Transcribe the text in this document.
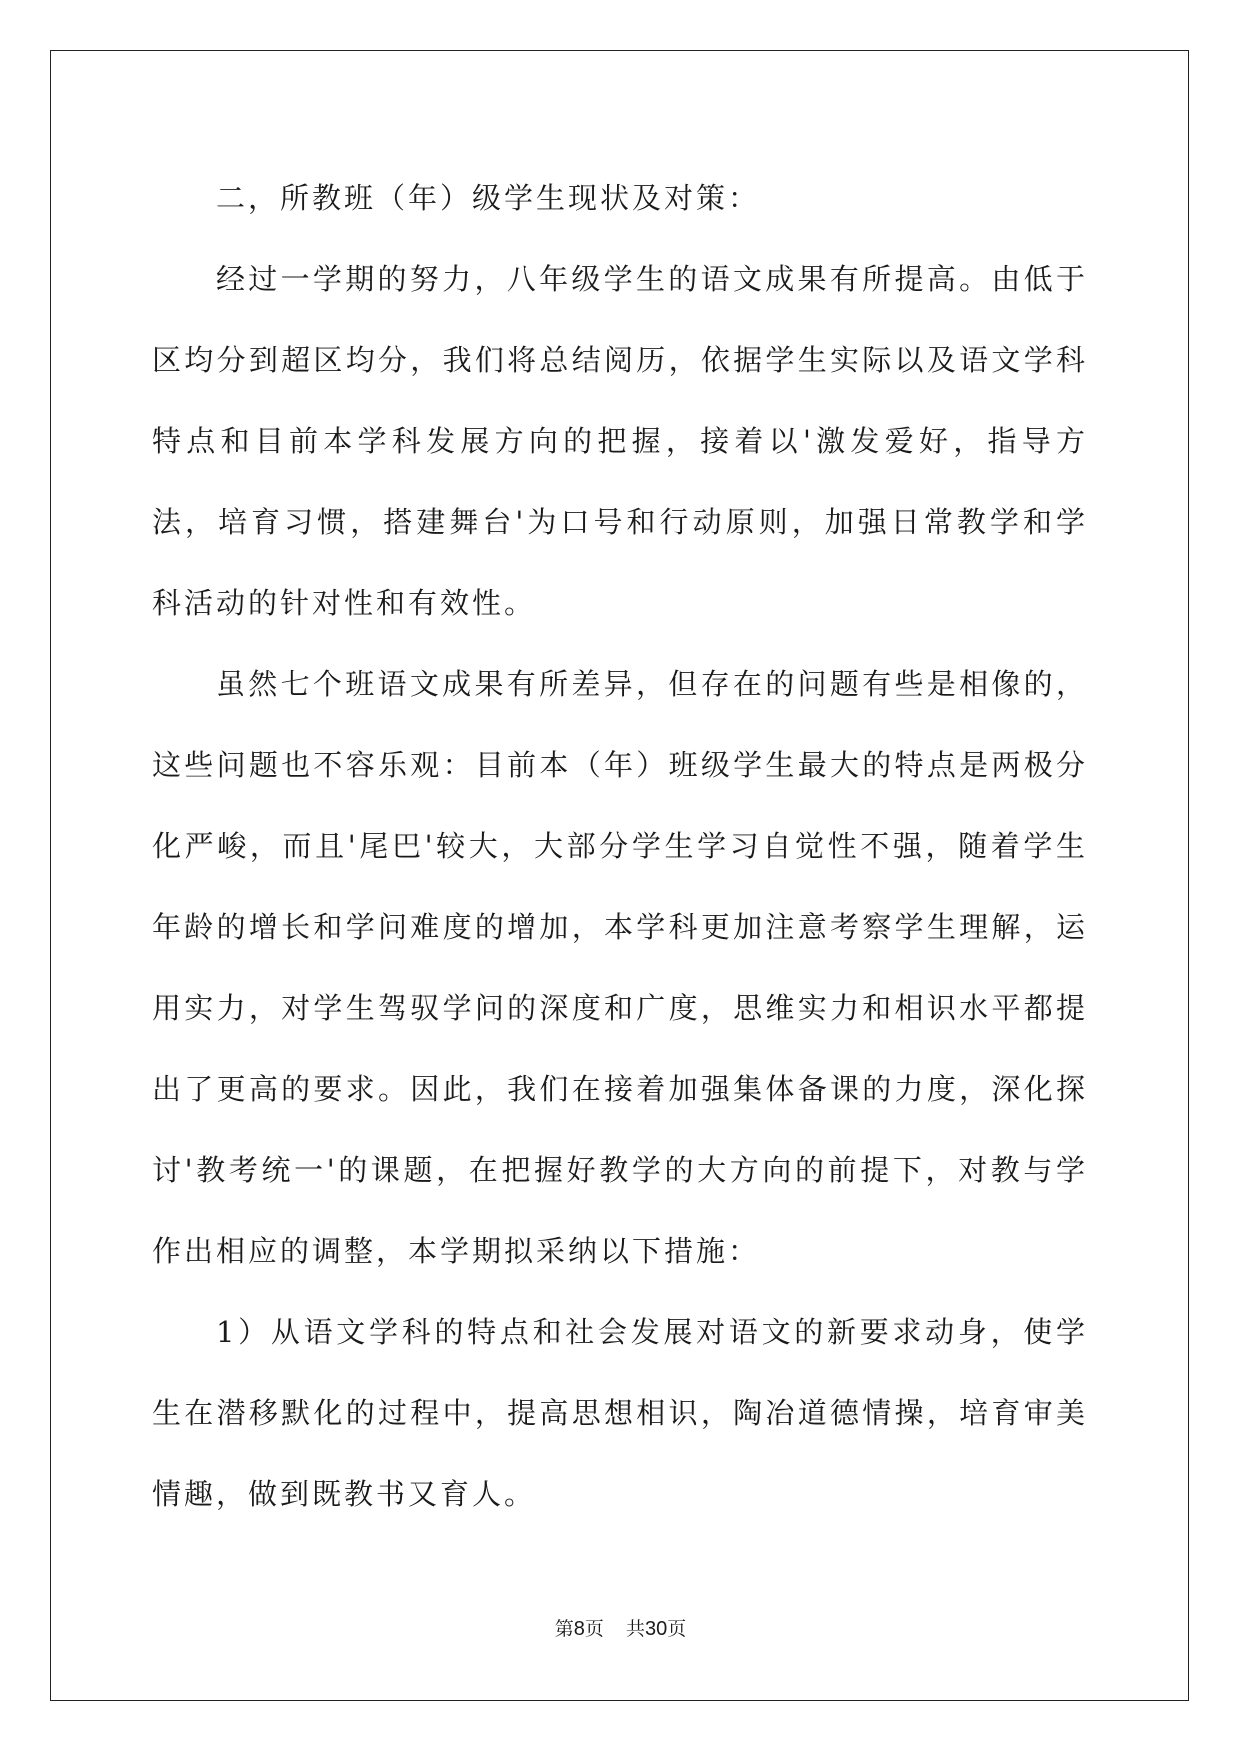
二，所教班（年）级学生现状及对策：

经过一学期的努力，八年级学生的语文成果有所提高。由低于区均分到超区均分，我们将总结阅历，依据学生实际以及语文学科特点和目前本学科发展方向的把握，接着以'激发爱好，指导方法，培育习惯，搭建舞台'为口号和行动原则，加强日常教学和学科活动的针对性和有效性。

虽然七个班语文成果有所差异，但存在的问题有些是相像的，这些问题也不容乐观：目前本（年）班级学生最大的特点是两极分化严峻，而且'尾巴'较大，大部分学生学习自觉性不强，随着学生年龄的增长和学问难度的增加，本学科更加注意考察学生理解，运用实力，对学生驾驭学问的深度和广度，思维实力和相识水平都提出了更高的要求。因此，我们在接着加强集体备课的力度，深化探讨'教考统一'的课题，在把握好教学的大方向的前提下，对教与学作出相应的调整，本学期拟采纳以下措施：

1）从语文学科的特点和社会发展对语文的新要求动身，使学生在潜移默化的过程中，提高思想相识，陶冶道德情操，培育审美情趣，做到既教书又育人。

第8页 共30页
